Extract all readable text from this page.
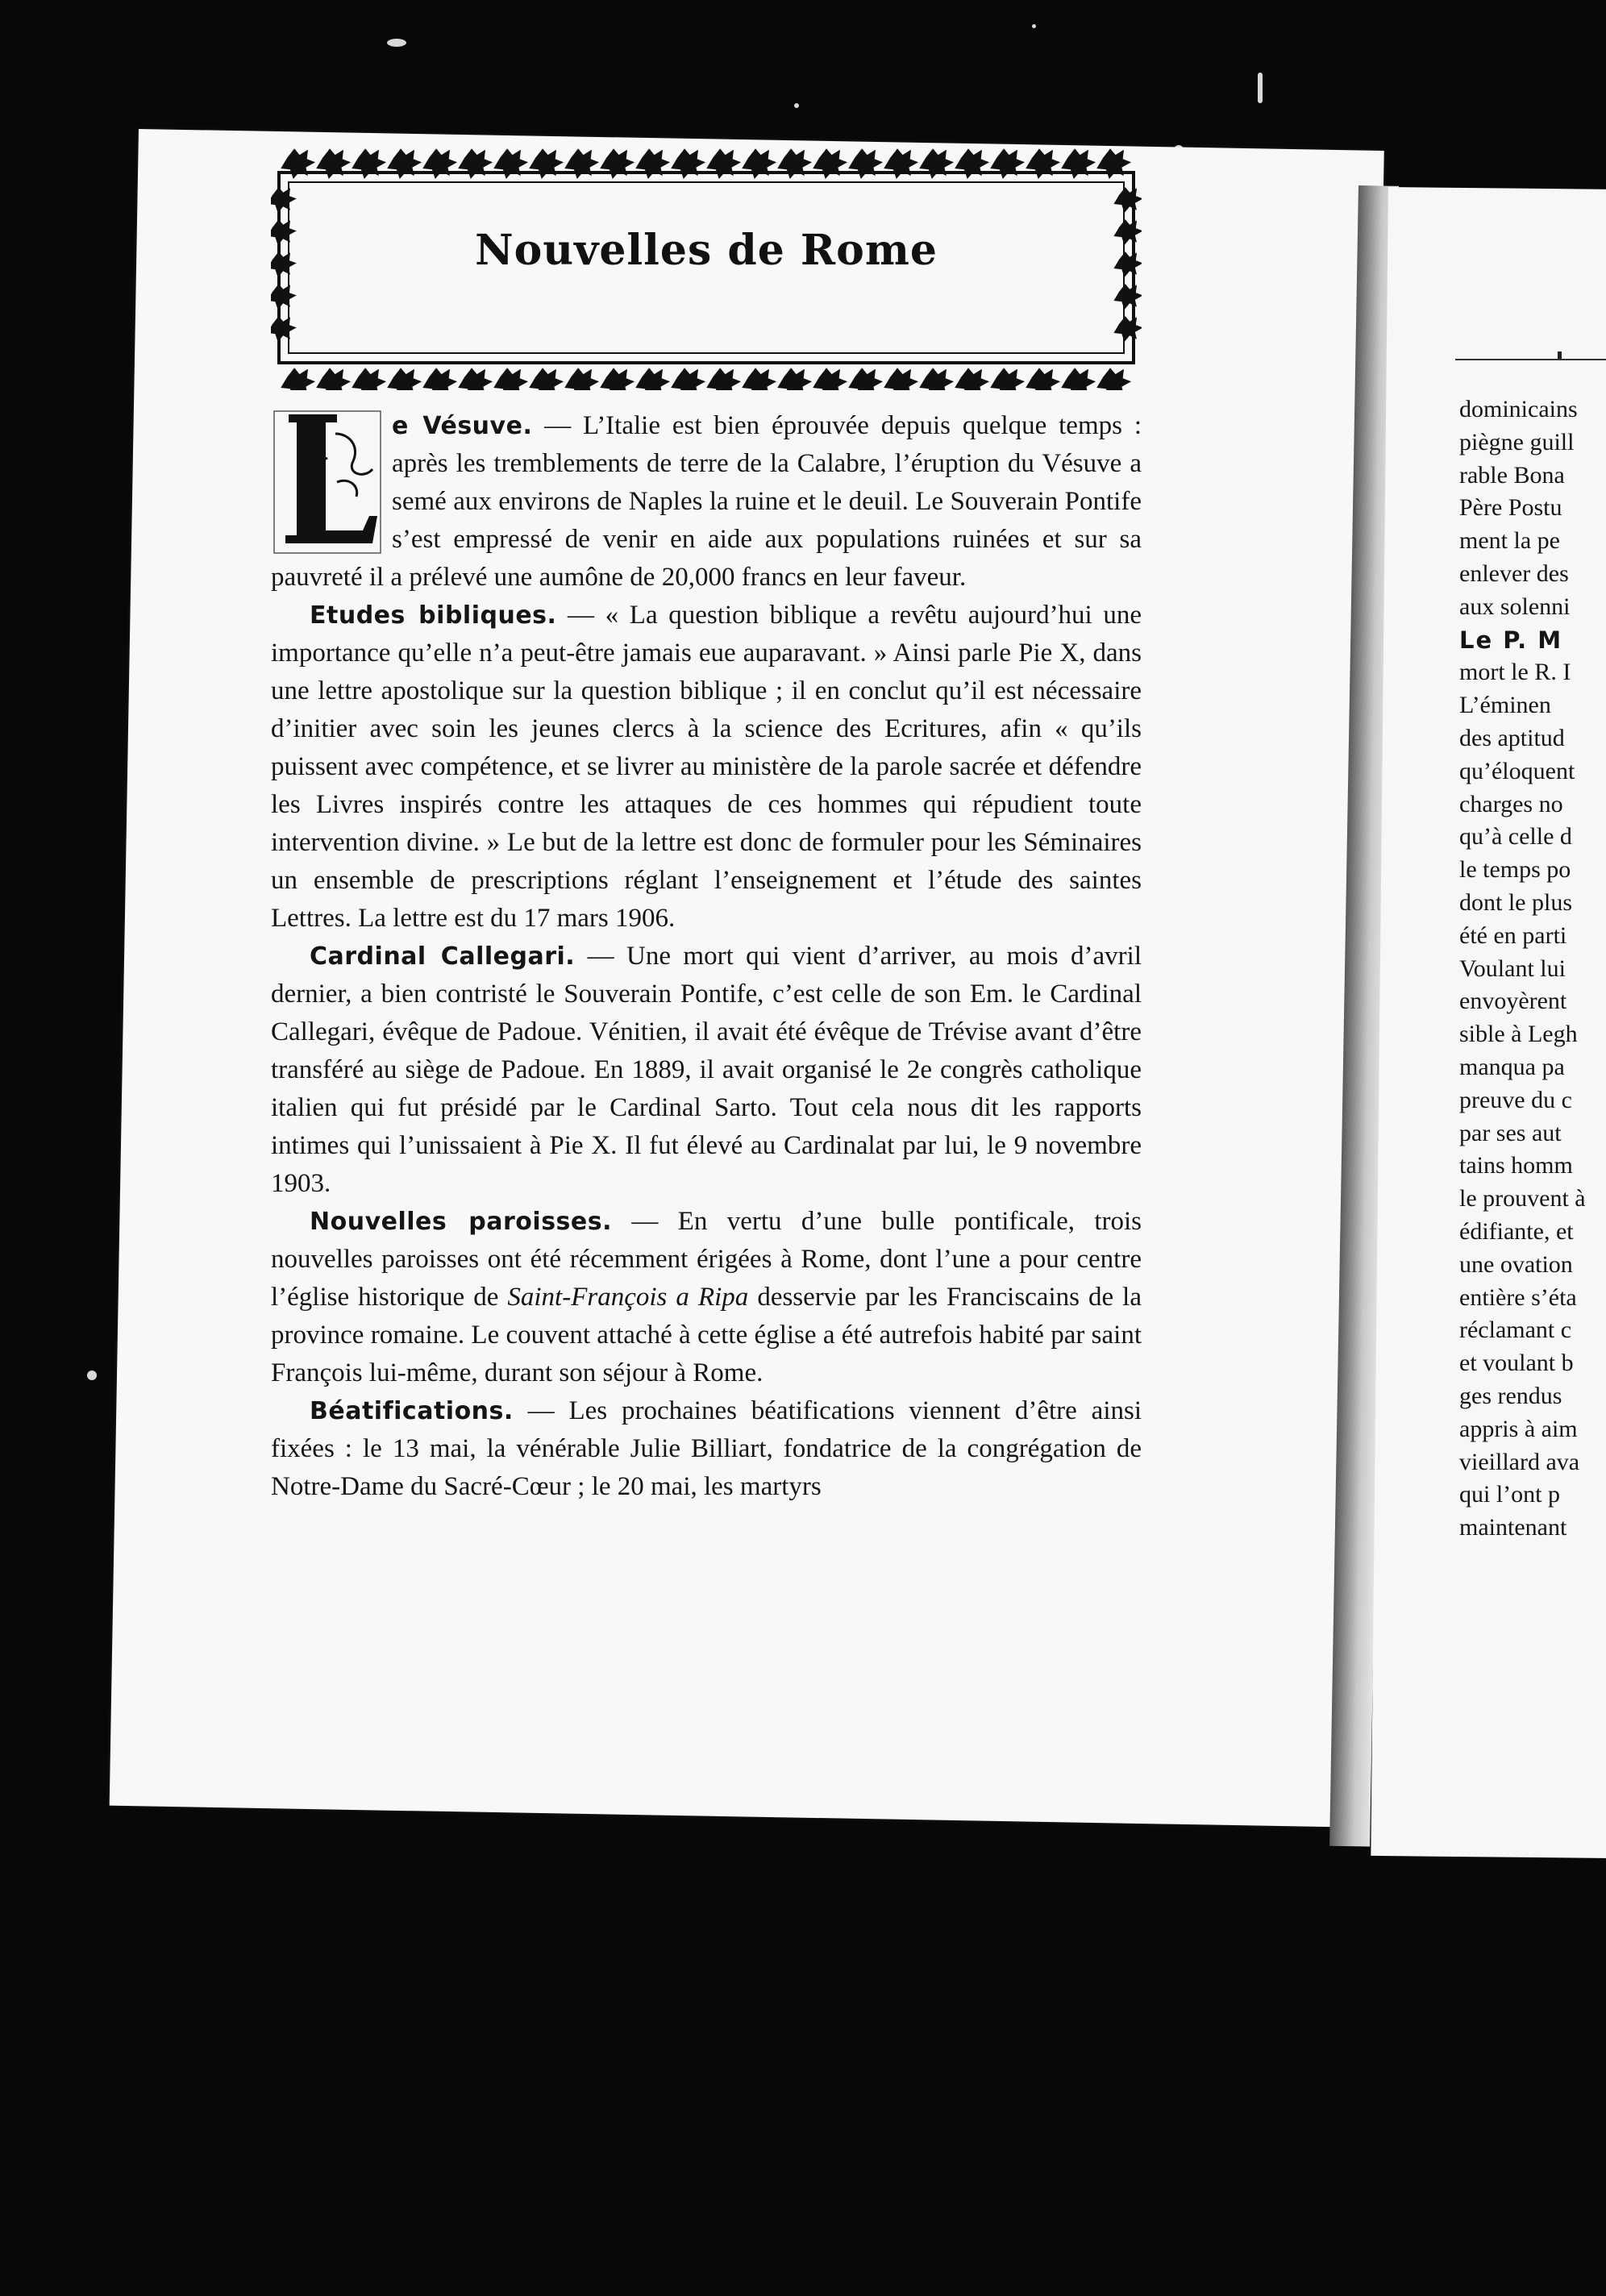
Nouvelles de Rome

e Vésuve. — L’Italie est bien éprouvée depuis quelque temps : après les tremblements de terre de la Calabre, l’éruption du Vésuve a semé aux environs de Naples la ruine et le deuil. Le Souverain Pontife s’est empressé de venir en aide aux populations ruinées et sur sa pauvreté il a prélevé une aumône de 20,000 francs en leur faveur.

Etudes bibliques. — « La question biblique a revêtu aujourd’hui une importance qu’elle n’a peut-être jamais eue auparavant. » Ainsi parle Pie X, dans une lettre apostolique sur la question biblique ; il en conclut qu’il est nécessaire d’initier avec soin les jeunes clercs à la science des Ecritures, afin « qu’ils puissent avec compétence, et se livrer au ministère de la parole sacrée et défendre les Livres inspirés contre les attaques de ces hommes qui répudient toute intervention divine. » Le but de la lettre est donc de formuler pour les Séminaires un ensemble de prescriptions réglant l’enseignement et l’étude des saintes Lettres. La lettre est du 17 mars 1906.

Cardinal Callegari. — Une mort qui vient d’arriver, au mois d’avril dernier, a bien contristé le Souverain Pontife, c’est celle de son Em. le Cardinal Callegari, évêque de Padoue. Vénitien, il avait été évêque de Trévise avant d’être transféré au siège de Padoue. En 1889, il avait organisé le 2e congrès catholique italien qui fut présidé par le Cardinal Sarto. Tout cela nous dit les rapports intimes qui l’unissaient à Pie X. Il fut élevé au Cardinalat par lui, le 9 novembre 1903.

Nouvelles paroisses. — En vertu d’une bulle pontificale, trois nouvelles paroisses ont été récemment érigées à Rome, dont l’une a pour centre l’église historique de Saint-François a Ripa desservie par les Franciscains de la province romaine. Le couvent attaché à cette église a été autrefois habité par saint François lui-même, durant son séjour à Rome.

Béatifications. — Les prochaines béatifications viennent d’être ainsi fixées : le 13 mai, la vénérable Julie Billiart, fondatrice de la congrégation de Notre-Dame du Sacré-Cœur ; le 20 mai, les martyrs

dominicains
piègne guill
rable Bona
Père Postu
ment la pe
enlever des
aux solenni
Le P. M
mort le R. I
L’éminen
des aptitud
qu’éloquent
charges no
qu’à celle d
le temps po
dont le plus
été en parti
Voulant lui
envoyèrent
sible à Legh
manqua pa
preuve du c
par ses aut
tains homm
le prouvent à
édifiante, et
une ovation
entière s’éta
réclamant c
et voulant b
ges rendus
appris à aim
vieillard ava
qui l’ont p
maintenant
